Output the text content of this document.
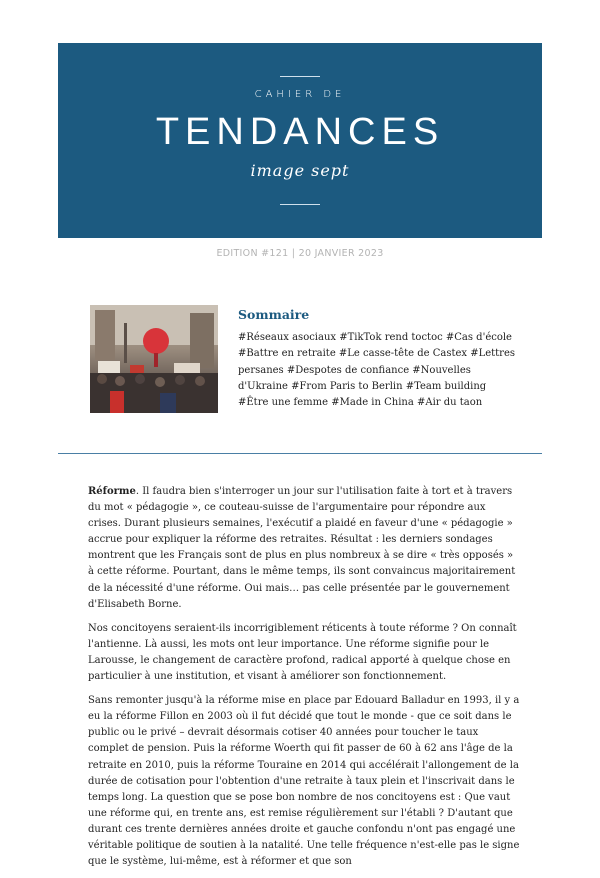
CAHIER DE
TENDANCES
image sept
EDITION #121 | 20 JANVIER 2023
Sommaire
#Réseaux asociaux #TikTok rend toctoc #Cas d'école #Battre en retraite #Le casse-tête de Castex #Lettres persanes #Despotes de confiance #Nouvelles d'Ukraine #From Paris to Berlin #Team building #Être une femme #Made in China #Air du taon

Réforme. Il faudra bien s'interroger un jour sur l'utilisation faite à tort et à travers du mot « pédagogie », ce couteau-suisse de l'argumentaire pour répondre aux crises. Durant plusieurs semaines, l'exécutif a plaidé en faveur d'une « pédagogie » accrue pour expliquer la réforme des retraites. Résultat : les derniers sondages montrent que les Français sont de plus en plus nombreux à se dire « très opposés » à cette réforme. Pourtant, dans le même temps, ils sont convaincus majoritairement de la nécessité d'une réforme. Oui mais… pas celle présentée par le gouvernement d'Elisabeth Borne.

Nos concitoyens seraient-ils incorrigiblement réticents à toute réforme ? On connaît l'antienne. Là aussi, les mots ont leur importance. Une réforme signifie pour le Larousse, le changement de caractère profond, radical apporté à quelque chose en particulier à une institution, et visant à améliorer son fonctionnement.

Sans remonter jusqu'à la réforme mise en place par Edouard Balladur en 1993, il y a eu la réforme Fillon en 2003 où il fut décidé que tout le monde - que ce soit dans le public ou le privé – devrait désormais cotiser 40 années pour toucher le taux complet de pension. Puis la réforme Woerth qui fit passer de 60 à 62 ans l'âge de la retraite en 2010, puis la réforme Touraine en 2014 qui accélérait l'allongement de la durée de cotisation pour l'obtention d'une retraite à taux plein et l'inscrivait dans le temps long. La question que se pose bon nombre de nos concitoyens est : Que vaut une réforme qui, en trente ans, est remise régulièrement sur l'établi ? D'autant que durant ces trente dernières années droite et gauche confondu n'ont pas engagé une véritable politique de soutien à la natalité. Une telle fréquence n'est-elle pas le signe que le système, lui-même, est à réformer et que son
